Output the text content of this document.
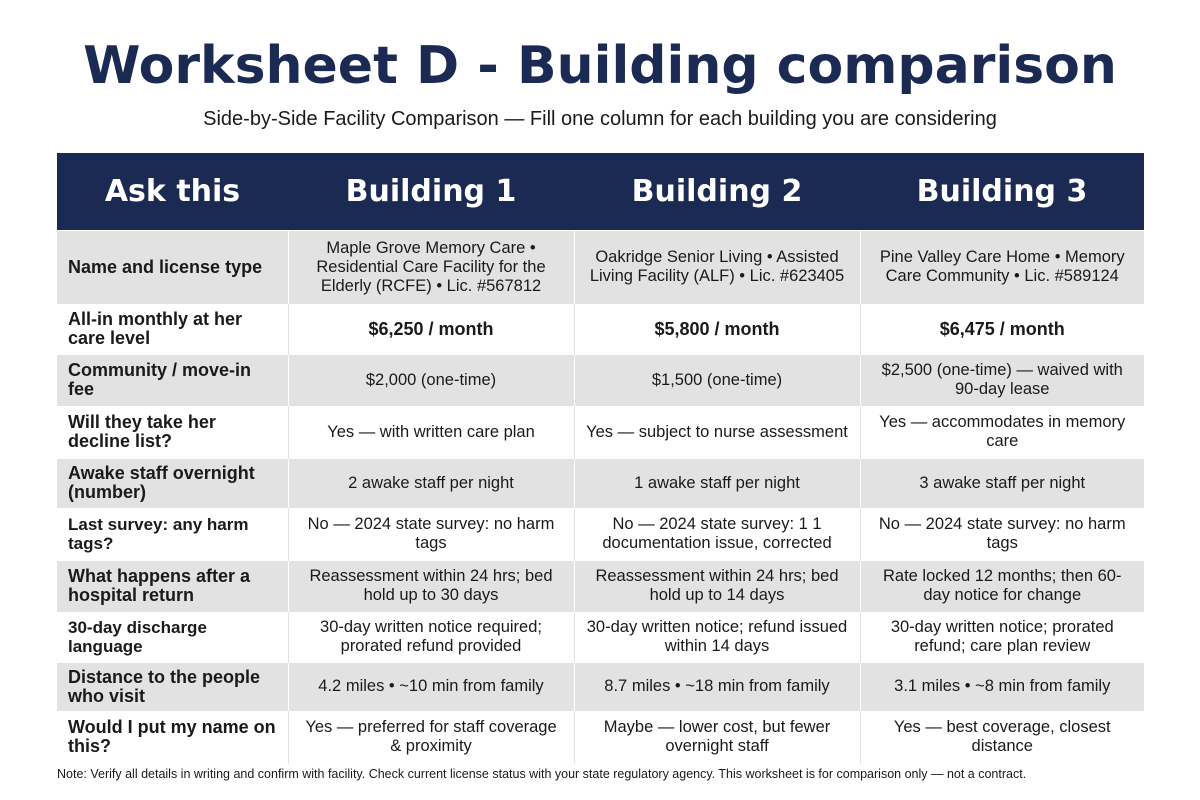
Worksheet D - Building comparison
Side-by-Side Facility Comparison — Fill one column for each building you are considering
Ask this	Building 1	Building 2	Building 3
Name and license type	Maple Grove Memory Care • Residential Care Facility for the Elderly (RCFE) • Lic. #567812	Oakridge Senior Living • Assisted Living Facility (ALF) • Lic. #623405	Pine Valley Care Home • Memory Care Community • Lic. #589124
All-in monthly at her care level	$6,250 / month	$5,800 / month	$6,475 / month
Community / move-in fee	$2,000 (one-time)	$1,500 (one-time)	$2,500 (one-time) — waived with 90-day lease
Will they take her decline list?	Yes — with written care plan	Yes — subject to nurse assessment	Yes — accommodates in memory care
Awake staff overnight (number)	2 awake staff per night	1 awake staff per night	3 awake staff per night
Last survey: any harm tags?	No — 2024 state survey: no harm tags	No — 2024 state survey: 1 1 documentation issue, corrected	No — 2024 state survey: no harm tags
What happens after a hospital return	Reassessment within 24 hrs; bed hold up to 30 days	Reassessment within 24 hrs; bed hold up to 14 days	Rate locked 12 months; then 60-day notice for change
30-day discharge language	30-day written notice required; prorated refund provided	30-day written notice; refund issued within 14 days	30-day written notice; prorated refund; care plan review
Distance to the people who visit	4.2 miles • ~10 min from family	8.7 miles • ~18 min from family	3.1 miles • ~8 min from family
Would I put my name on this?	Yes — preferred for staff coverage & proximity	Maybe — lower cost, but fewer overnight staff	Yes — best coverage, closest distance
Note: Verify all details in writing and confirm with facility. Check current license status with your state regulatory agency. This worksheet is for comparison only — not a contract.
